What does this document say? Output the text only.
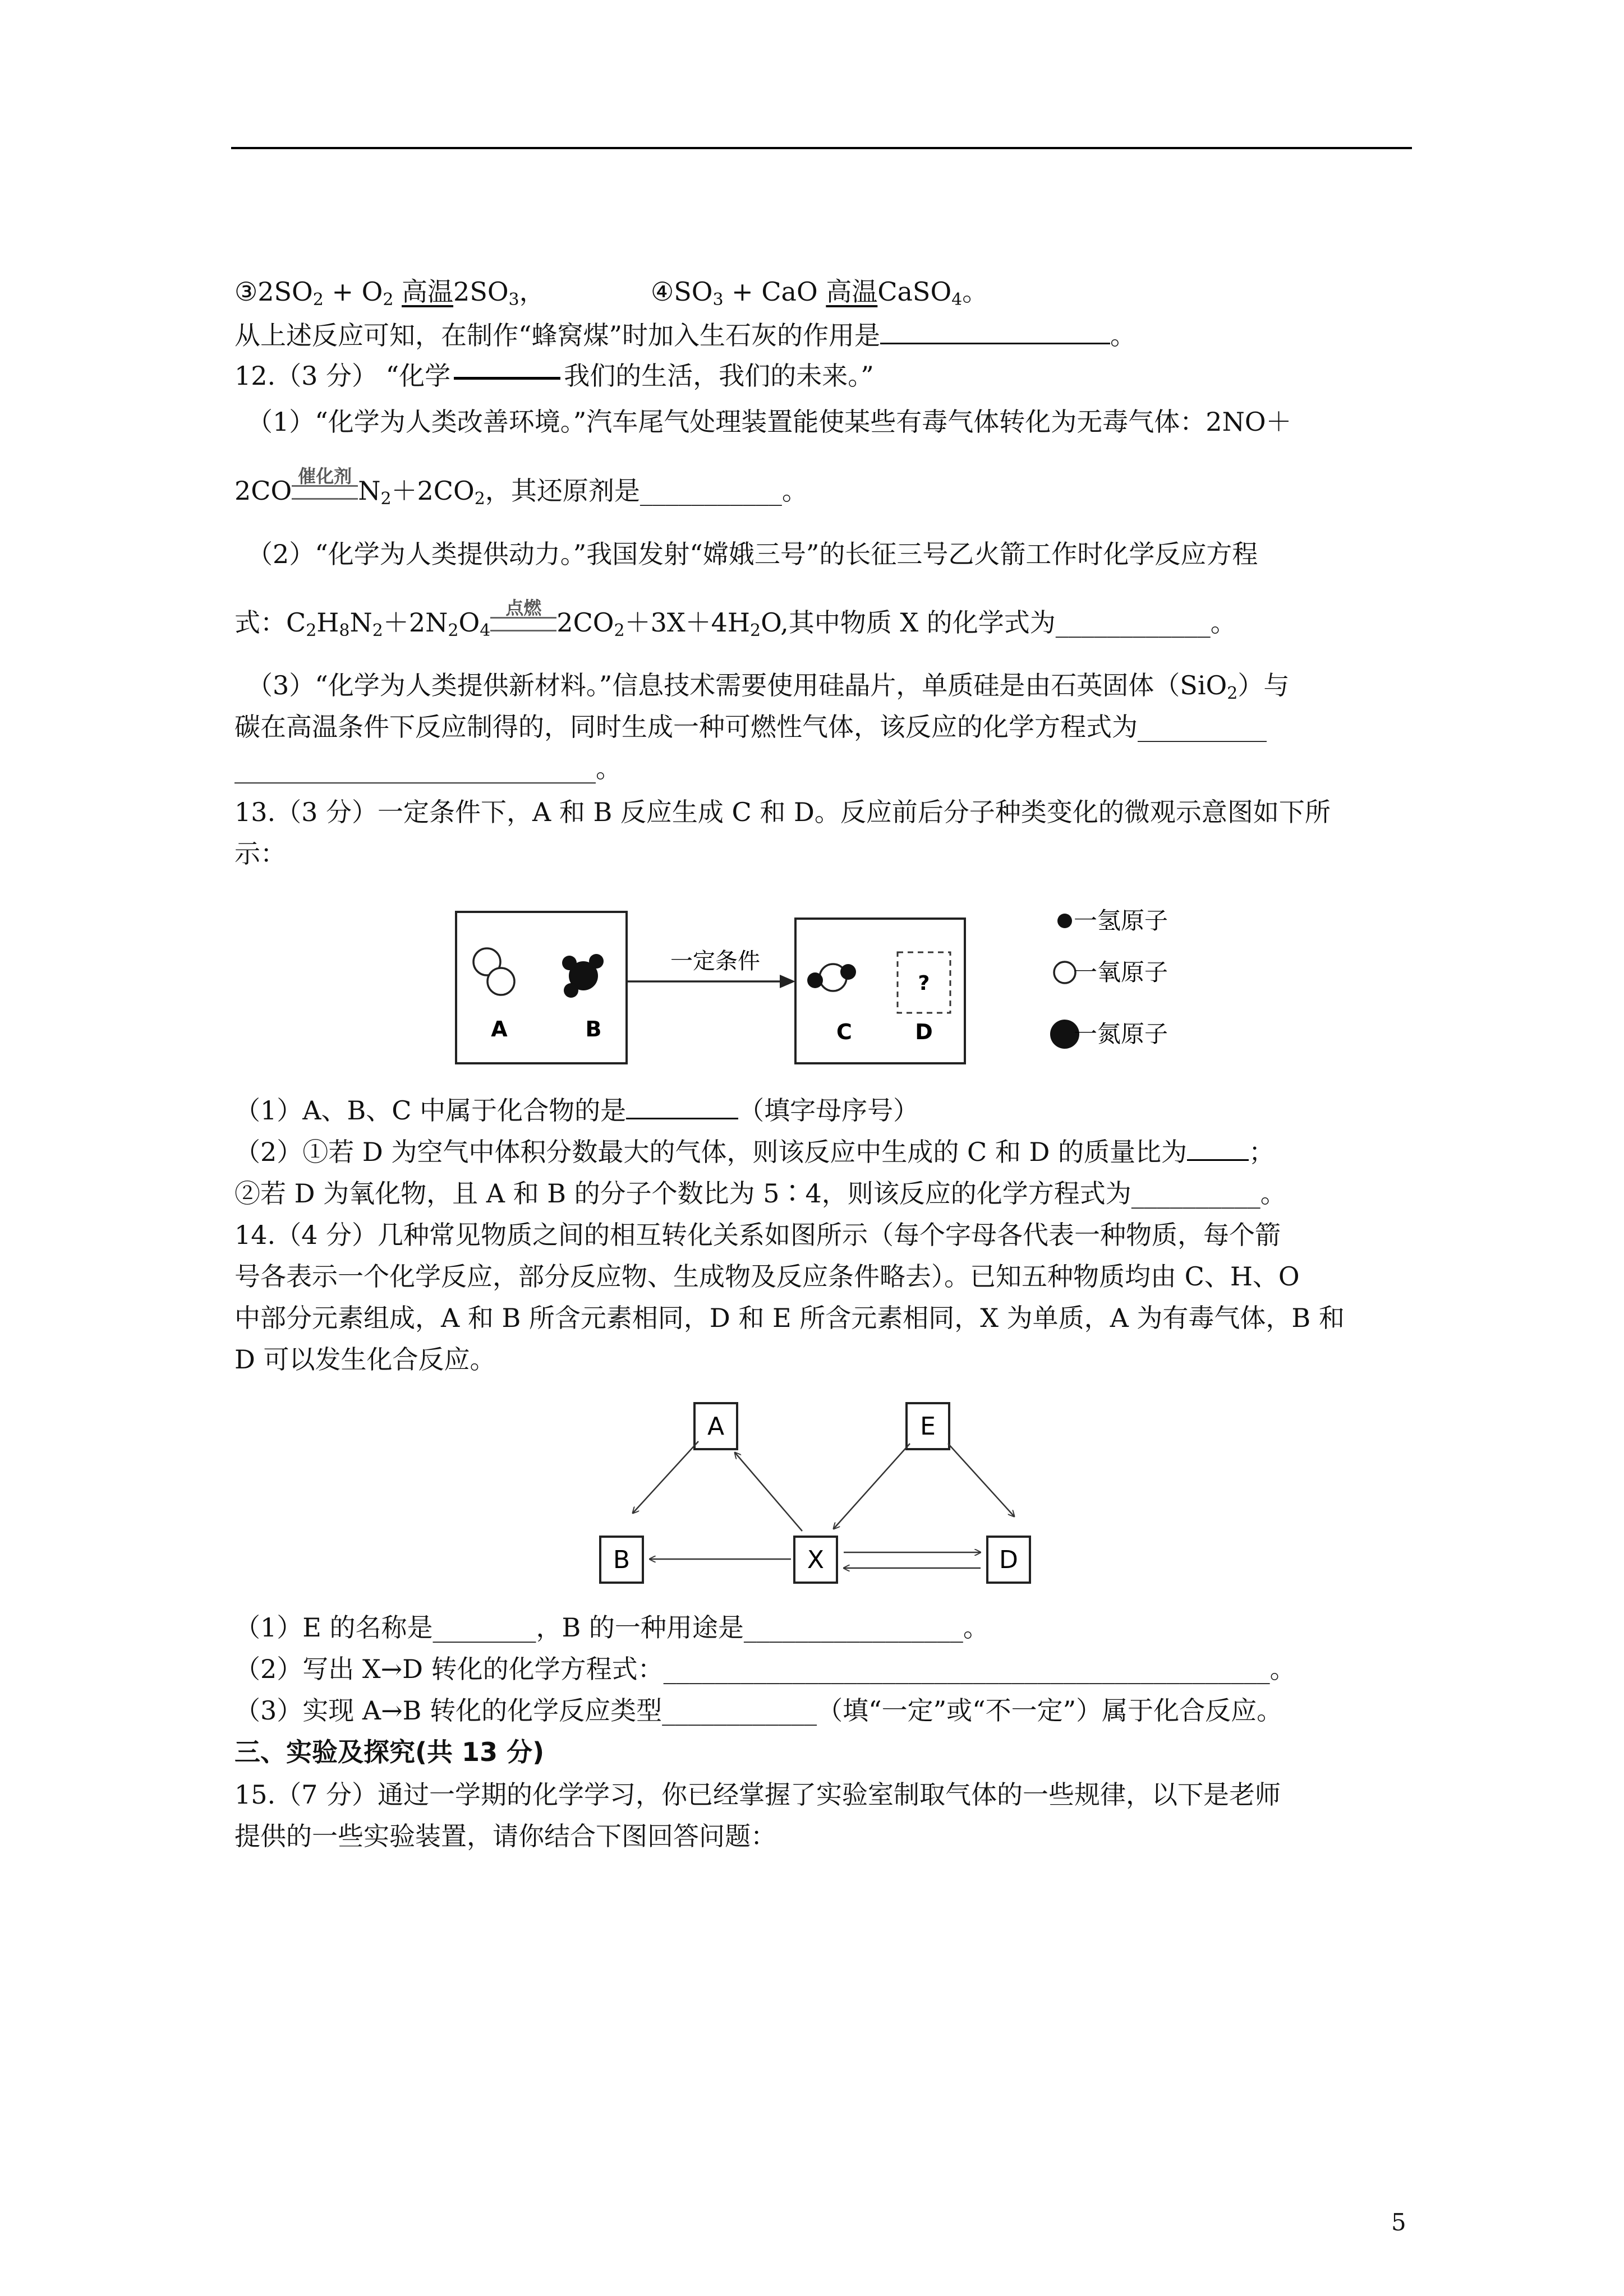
$③2SO_2 + O_2$ 高温$2SO_3$，	$④SO_3$ + CaO 高温CaSO$_4$。
从上述反应可知，在制作“蜂窝煤”时加入生石灰的作用是	。
12.（3 分） “化学	我们的生活，我们的未来。”
（1）“化学为人类改善环境。”汽车尾气处理装置能使某些有毒气体转化为无毒气体：2NO＋
2CO 催化剂 $N_2+2CO_2$，其还原剂是___________。
（2）“化学为人类提供动力。”我国发射“嫦娥三号”的长征三号乙火箭工作时化学反应方程
式：$C_2H_8N_2+2N_2O_4$
点燃 $2CO_2+3X+4H_2O$,其中物质 X 的化学式为____________。
（3）“化学为人类提供新材料。”信息技术需要使用硅晶片，单质硅是由石英固体（SiO$_2$）与
碳在高温条件下反应制得的，同时生成一种可燃性气体，该反应的化学方程式为__________
____________________________。
13.（3 分）一定条件下，A 和 B 反应生成 C 和 D。反应前后分子种类变化的微观示意图如下所
示：
A	B
一定条件
?
C	D
一氢原子
一氧原子
一氮原子
（1）A、B、C 中属于化合物的是	（填字母序号）
（2）①若 D 为空气中体积分数最大的气体，则该反应中生成的 C 和 D 的质量比为 ；
②若 D 为氧化物，且 A 和 B 的分子个数比为 5∶4，则该反应的化学方程式为__________。
14.（4 分）几种常见物质之间的相互转化关系如图所示（每个字母各代表一种物质，每个箭
号各表示一个化学反应，部分反应物、生成物及反应条件略去）。已知五种物质均由 C、H、O
中部分元素组成，A 和 B 所含元素相同，D 和 E 所含元素相同，X 为单质，A 为有毒气体，B 和
D 可以发生化合反应。
A	E
B	X	D
（1）E 的名称是________，B 的一种用途是_________________。
（2）写出 X→D 转化的化学方程式：_______________________________________________。
（3）实现 A→B 转化的化学反应类型____________（填“一定”或“不一定”）属于化合反应。
三、实验及探究(共 13 分)
15.（7 分）通过一学期的化学学习，你已经掌握了实验室制取气体的一些规律，以下是老师
提供的一些实验装置，请你结合下图回答问题：
5
